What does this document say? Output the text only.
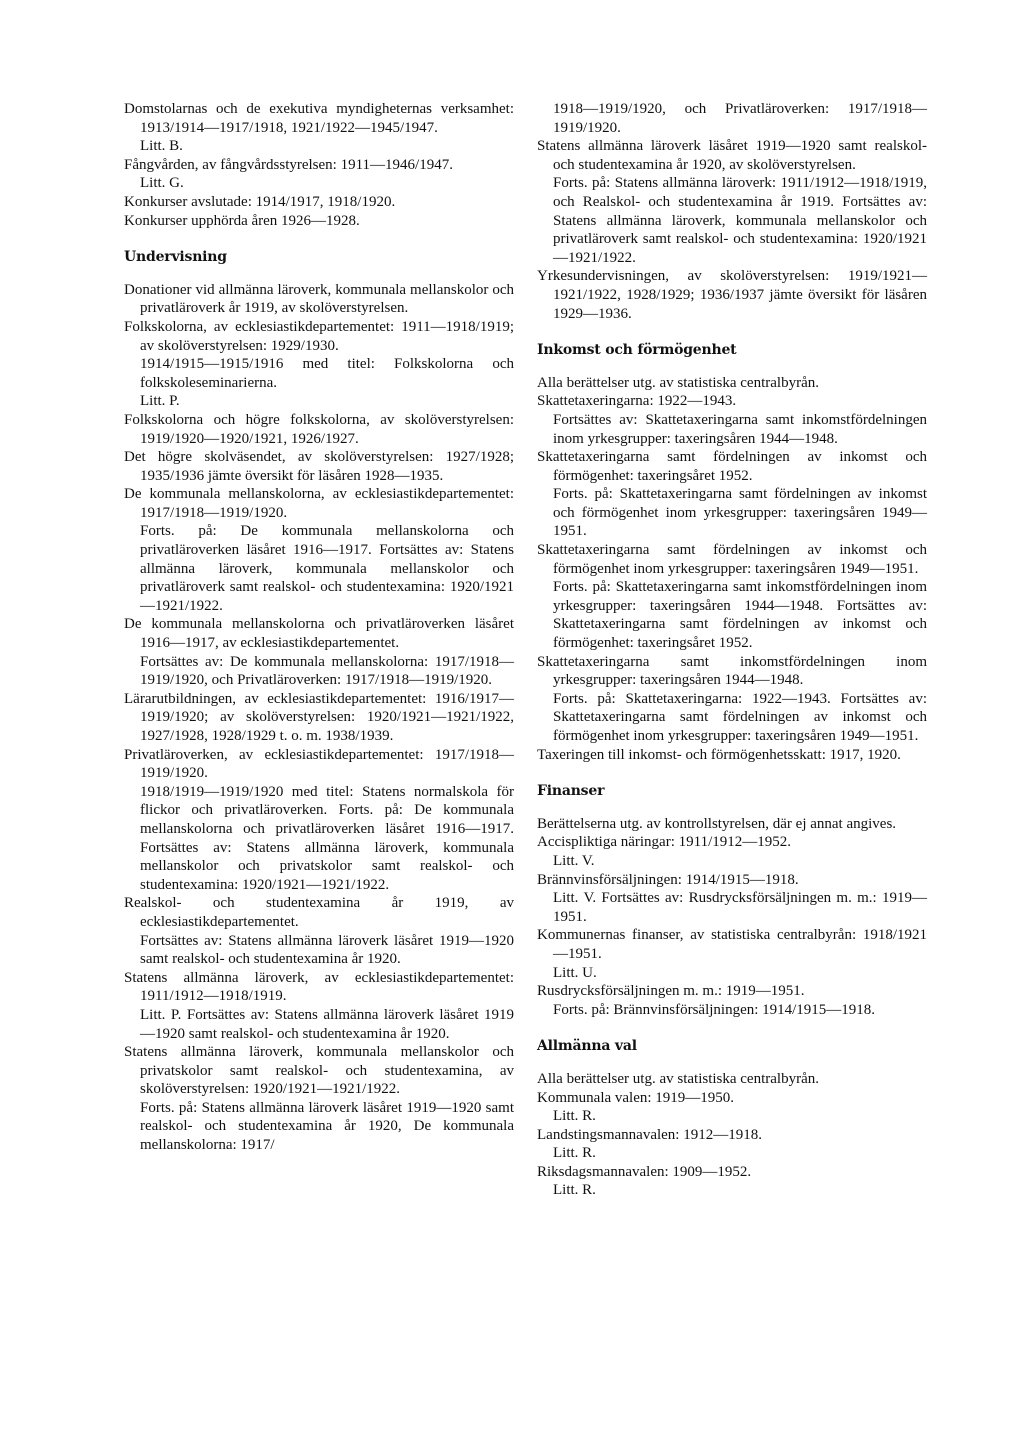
Domstolarnas och de exekutiva myndigheternas verksamhet: 1913/1914—1917/1918, 1921/1922—1945/1947.

Litt. B.

Fångvården, av fångvårdsstyrelsen: 1911—1946/1947.

Litt. G.

Konkurser avslutade: 1914/1917, 1918/1920.

Konkurser upphörda åren 1926—1928.

Undervisning

Donationer vid allmänna läroverk, kommunala mellanskolor och privatläroverk år 1919, av skolöverstyrelsen.

Folkskolorna, av ecklesiastikdepartementet: 1911—1918/1919; av skolöverstyrelsen: 1929/1930.

1914/1915—1915/1916 med titel: Folkskolorna och folkskoleseminarierna.

Litt. P.

Folkskolorna och högre folkskolorna, av skolöverstyrelsen: 1919/1920—1920/1921, 1926/1927.

Det högre skolväsendet, av skolöverstyrelsen: 1927/1928; 1935/1936 jämte översikt för läsåren 1928—1935.

De kommunala mellanskolorna, av ecklesiastikdepartementet: 1917/1918—1919/1920.

Forts. på: De kommunala mellanskolorna och privatläroverken läsåret 1916—1917. Fortsättes av: Statens allmänna läroverk, kommunala mellanskolor och privatläroverk samt realskol- och studentexamina: 1920/1921—1921/1922.

De kommunala mellanskolorna och privatläroverken läsåret 1916—1917, av ecklesiastikdepartementet.

Fortsättes av: De kommunala mellanskolorna: 1917/1918—1919/1920, och Privatläroverken: 1917/1918—1919/1920.

Lärarutbildningen, av ecklesiastikdepartementet: 1916/1917—1919/1920; av skolöverstyrelsen: 1920/1921—1921/1922, 1927/1928, 1928/1929 t. o. m. 1938/1939.

Privatläroverken, av ecklesiastikdepartementet: 1917/1918—1919/1920.

1918/1919—1919/1920 med titel: Statens normalskola för flickor och privatläroverken. Forts. på: De kommunala mellanskolorna och privatläroverken läsåret 1916—1917. Fortsättes av: Statens allmänna läroverk, kommunala mellanskolor och privatskolor samt realskol- och studentexamina: 1920/1921—1921/1922.

Realskol- och studentexamina år 1919, av ecklesiastikdepartementet.

Fortsättes av: Statens allmänna läroverk läsåret 1919—1920 samt realskol- och studentexamina år 1920.

Statens allmänna läroverk, av ecklesiastikdepartementet: 1911/1912—1918/1919.

Litt. P. Fortsättes av: Statens allmänna läroverk läsåret 1919—1920 samt realskol- och studentexamina år 1920.

Statens allmänna läroverk, kommunala mellanskolor och privatskolor samt realskol- och studentexamina, av skolöverstyrelsen: 1920/1921—1921/1922.

Forts. på: Statens allmänna läroverk läsåret 1919—1920 samt realskol- och studentexamina år 1920, De kommunala mellanskolorna: 1917/

1918—1919/1920, och Privatläroverken: 1917/1918—1919/1920.

Statens allmänna läroverk läsåret 1919—1920 samt realskol- och studentexamina år 1920, av skolöverstyrelsen.

Forts. på: Statens allmänna läroverk: 1911/1912—1918/1919, och Realskol- och studentexamina år 1919. Fortsättes av: Statens allmänna läroverk, kommunala mellanskolor och privatläroverk samt realskol- och studentexamina: 1920/1921—1921/1922.

Yrkesundervisningen, av skolöverstyrelsen: 1919/1921—1921/1922, 1928/1929; 1936/1937 jämte översikt för läsåren 1929—1936.

Inkomst och förmögenhet

Alla berättelser utg. av statistiska centralbyrån.

Skattetaxeringarna: 1922—1943.

Fortsättes av: Skattetaxeringarna samt inkomstfördelningen inom yrkesgrupper: taxeringsåren 1944—1948.

Skattetaxeringarna samt fördelningen av inkomst och förmögenhet: taxeringsåret 1952.

Forts. på: Skattetaxeringarna samt fördelningen av inkomst och förmögenhet inom yrkesgrupper: taxeringsåren 1949—1951.

Skattetaxeringarna samt fördelningen av inkomst och förmögenhet inom yrkesgrupper: taxeringsåren 1949—1951.

Forts. på: Skattetaxeringarna samt inkomstfördelningen inom yrkesgrupper: taxeringsåren 1944—1948. Fortsättes av: Skattetaxeringarna samt fördelningen av inkomst och förmögenhet: taxeringsåret 1952.

Skattetaxeringarna samt inkomstfördelningen inom yrkesgrupper: taxeringsåren 1944—1948.

Forts. på: Skattetaxeringarna: 1922—1943. Fortsättes av: Skattetaxeringarna samt fördelningen av inkomst och förmögenhet inom yrkesgrupper: taxeringsåren 1949—1951.

Taxeringen till inkomst- och förmögenhetsskatt: 1917, 1920.

Finanser

Berättelserna utg. av kontrollstyrelsen, där ej annat angives.

Accispliktiga näringar: 1911/1912—1952.

Litt. V.

Brännvinsförsäljningen: 1914/1915—1918.

Litt. V. Fortsättes av: Rusdrycksförsäljningen m. m.: 1919—1951.

Kommunernas finanser, av statistiska centralbyrån: 1918/1921—1951.

Litt. U.

Rusdrycksförsäljningen m. m.: 1919—1951.

Forts. på: Brännvinsförsäljningen: 1914/1915—1918.

Allmänna val

Alla berättelser utg. av statistiska centralbyrån.

Kommunala valen: 1919—1950.

Litt. R.

Landstingsmannavalen: 1912—1918.

Litt. R.

Riksdagsmannavalen: 1909—1952.

Litt. R.
